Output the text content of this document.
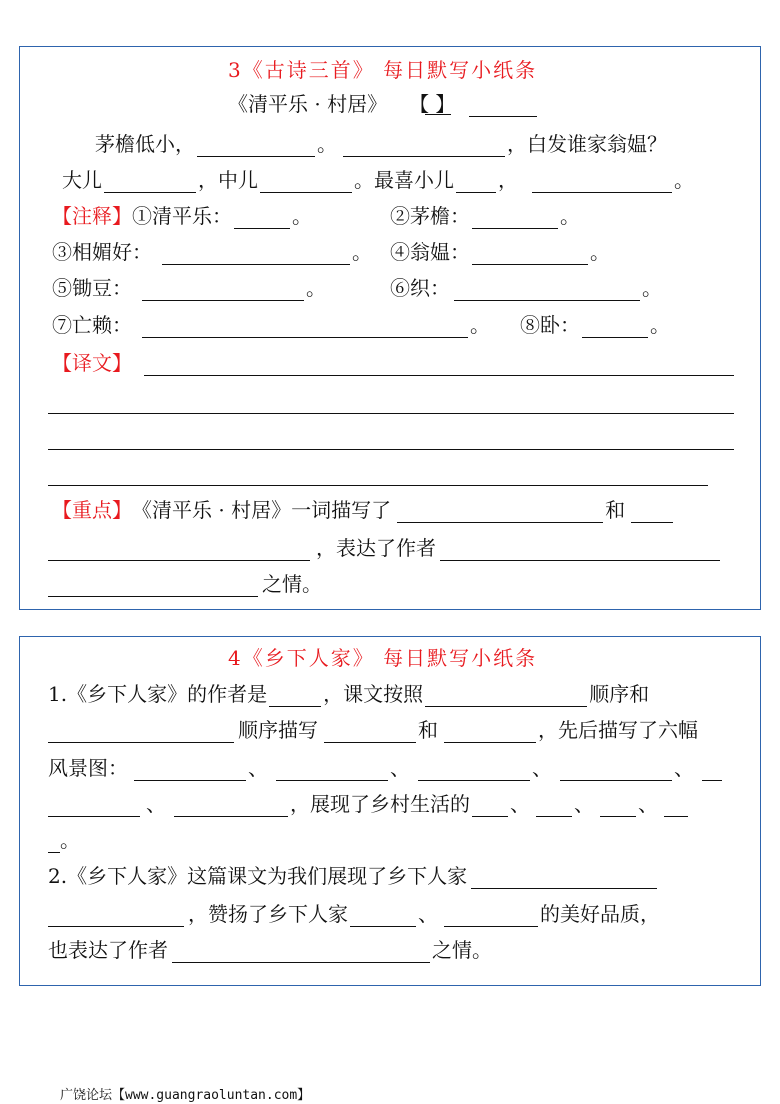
3《古诗三首》 每日默写小纸条
《清平乐 · 村居》 【 】
茅檐低小，	。	，白发谁家翁媪？
大儿	，中儿	。最喜小儿 ，	。
【注释】 ①清平乐：	。	②茅檐：	。
③相媚好：	。 ④翁媪：	。
⑤锄豆：	。	⑥织：	。
⑦亡赖：	。 ⑧卧：	。
【译文】
【重点】 《清平乐 · 村居》一词描写了	和
，表达了作者
之情。
4《乡下人家》 每日默写小纸条
1.《乡下人家》的作者是	，课文按照	顺序和
顺序描写	和	，先后描写了六幅
风景图：	、	、	、	、
、	，展现了乡村生活的 、 、 、
。
2.《乡下人家》这篇课文为我们展现了乡下人家
，赞扬了乡下人家	、	的美好品质，
也表达了作者	之情。
广饶论坛【www.guangraoluntan.com】
